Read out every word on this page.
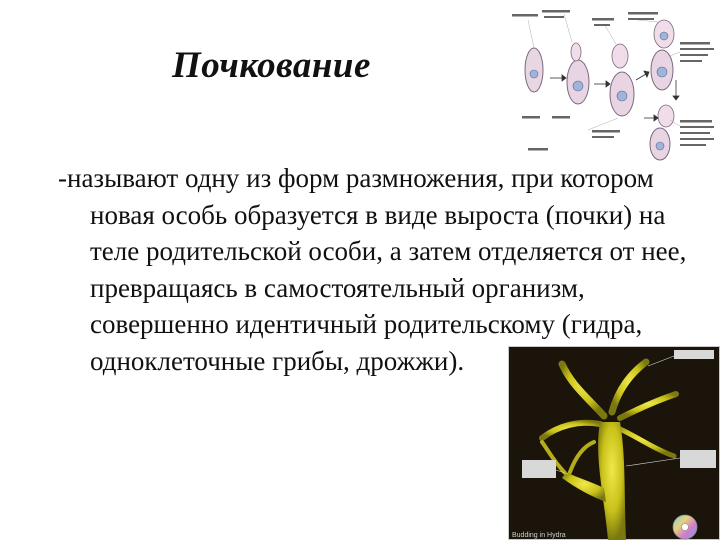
Почкование

-называют одну из форм размножения, при котором новая особь образуется в виде выроста (почки) на теле родительской особи, а затем отделяется от нее, превращаясь в самостоятельный организм, совершенно идентичный родительскому (гидра, одноклеточные грибы, дрожжи).

Budding in Hydra
